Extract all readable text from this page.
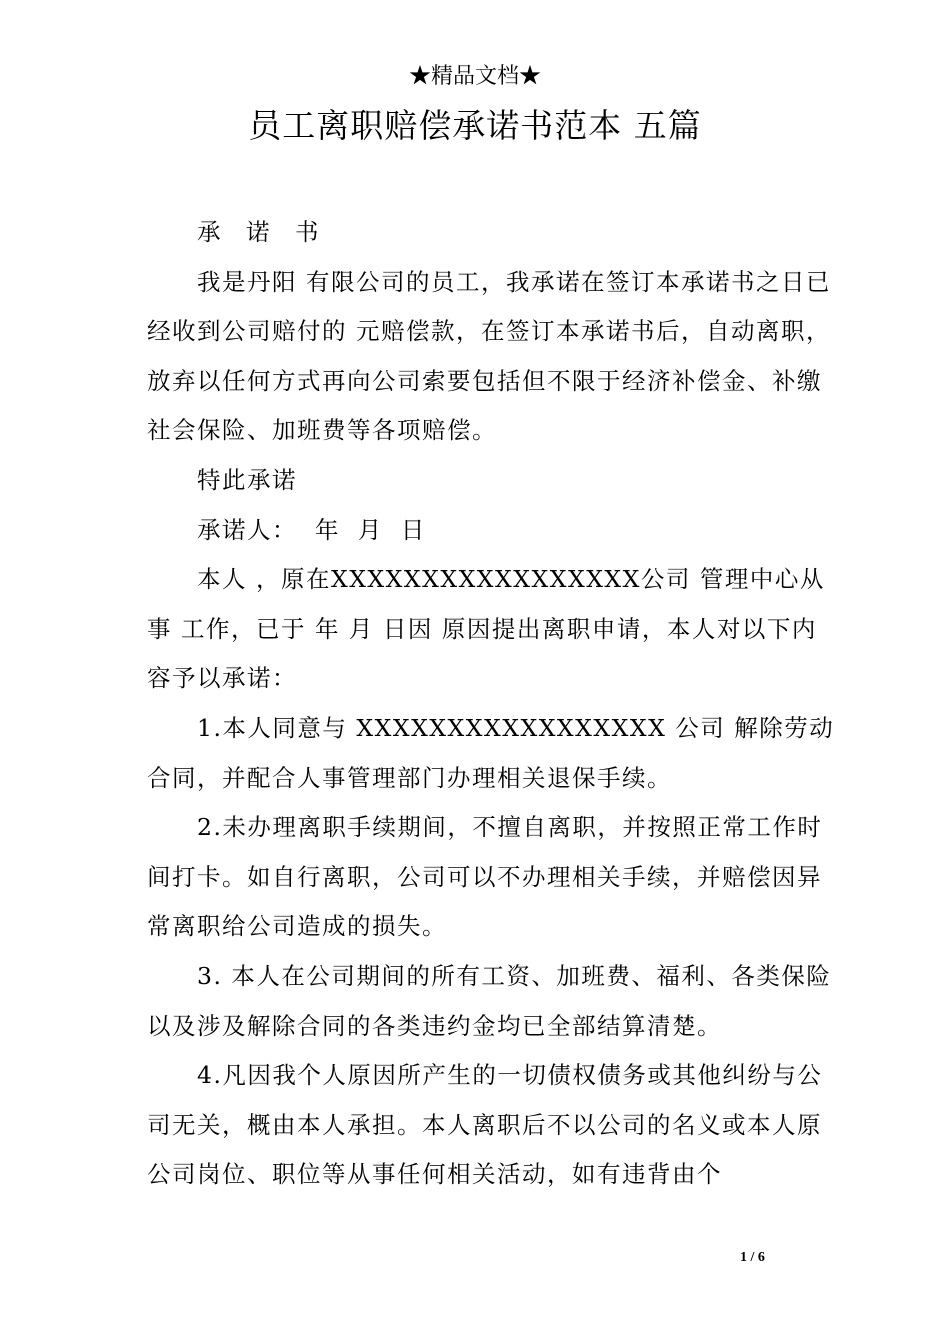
★精品文档★
员工离职赔偿承诺书范本 五篇

承 诺 书

我是丹阳 有限公司的员工，我承诺在签订本承诺书之日已经收到公司赔付的 元赔偿款，在签订本承诺书后，自动离职，放弃以任何方式再向公司索要包括但不限于经济补偿金、补缴社会保险、加班费等各项赔偿。

特此承诺

承诺人：  年  月  日

本人 ，原在XXXXXXXXXXXXXXXXX公司 管理中心从事 工作，已于 年 月 日因 原因提出离职申请，本人对以下内容予以承诺：

1.本人同意与 XXXXXXXXXXXXXXXXX 公司 解除劳动合同，并配合人事管理部门办理相关退保手续。

2.未办理离职手续期间，不擅自离职，并按照正常工作时间打卡。如自行离职，公司可以不办理相关手续，并赔偿因异常离职给公司造成的损失。

3. 本人在公司期间的所有工资、加班费、福利、各类保险以及涉及解除合同的各类违约金均已全部结算清楚。

4.凡因我个人原因所产生的一切债权债务或其他纠纷与公司无关，概由本人承担。本人离职后不以公司的名义或本人原公司岗位、职位等从事任何相关活动，如有违背由个

1 / 6
